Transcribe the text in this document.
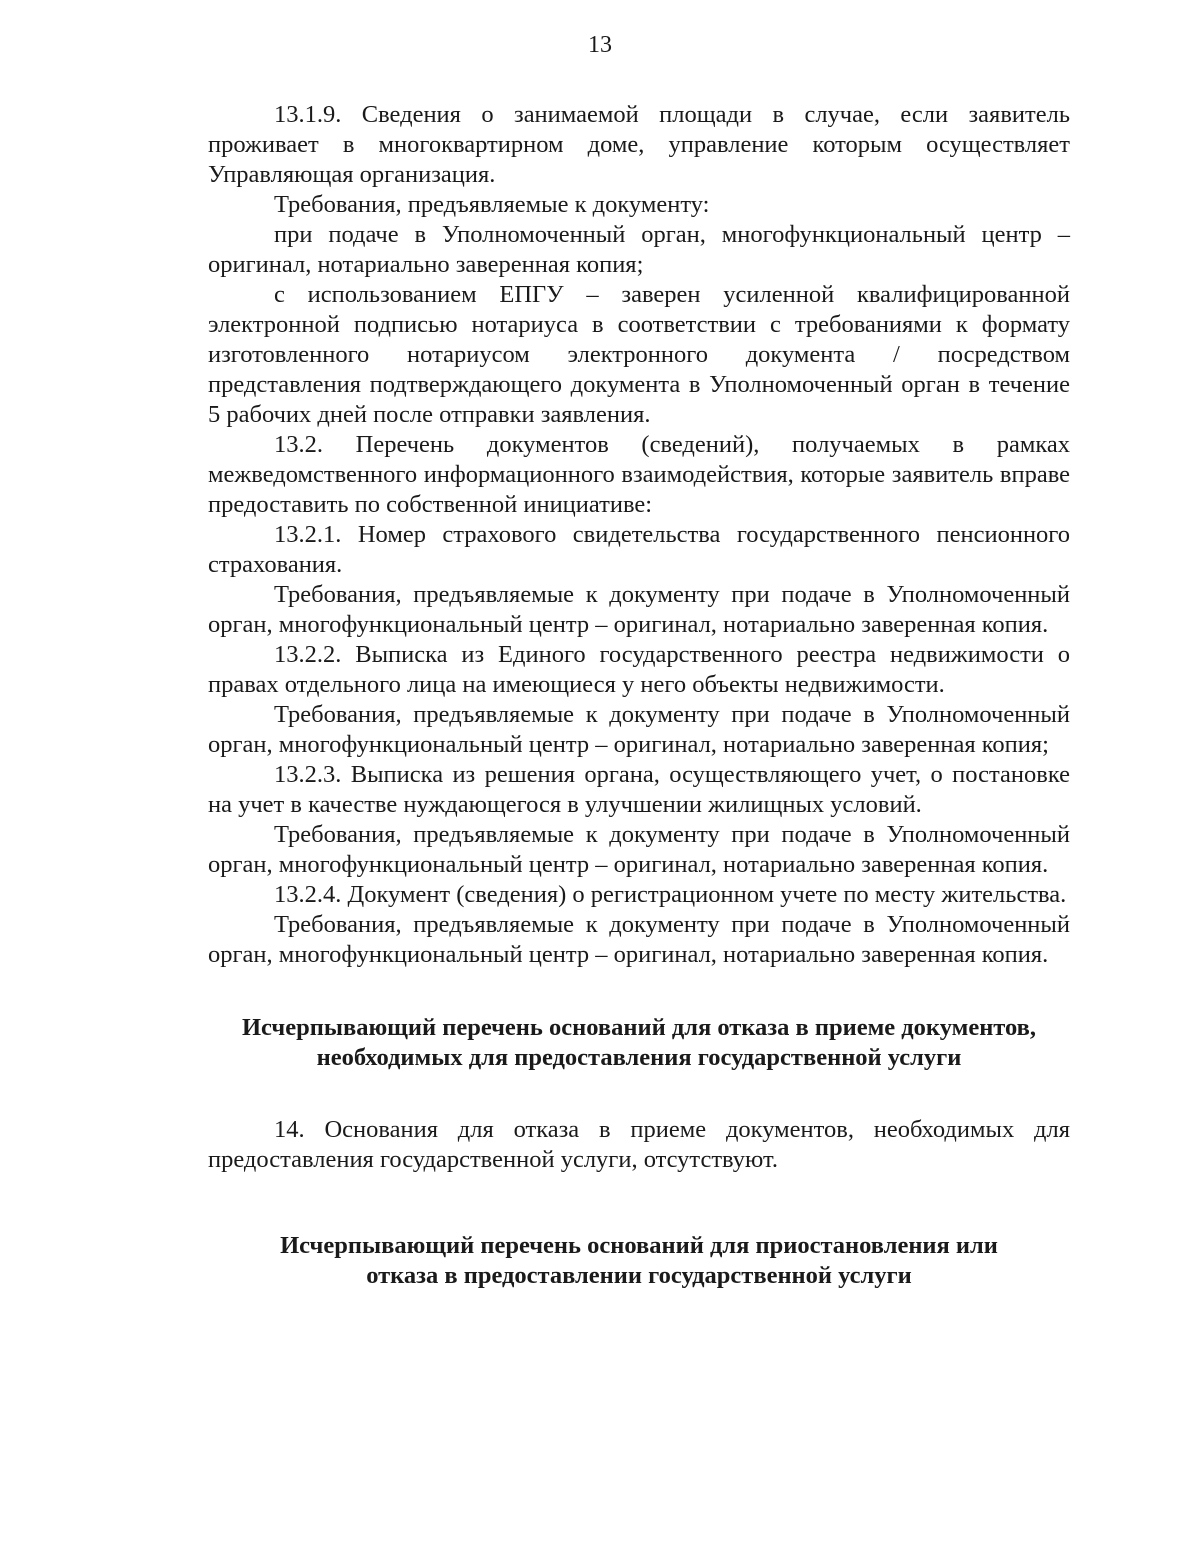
13

13.1.9. Сведения о занимаемой площади в случае, если заявитель проживает в многоквартирном доме, управление которым осуществляет Управляющая организация.

Требования, предъявляемые к документу:

при подаче в Уполномоченный орган, многофункциональный центр – оригинал, нотариально заверенная копия;

с использованием ЕПГУ – заверен усиленной квалифицированной электронной подписью нотариуса в соответствии с требованиями к формату изготовленного нотариусом электронного документа / посредством представления подтверждающего документа в Уполномоченный орган в течение 5 рабочих дней после отправки заявления.

13.2. Перечень документов (сведений), получаемых в рамках межведомственного информационного взаимодействия, которые заявитель вправе предоставить по собственной инициативе:

13.2.1. Номер страхового свидетельства государственного пенсионного страхования.

Требования, предъявляемые к документу при подаче в Уполномоченный орган, многофункциональный центр – оригинал, нотариально заверенная копия.

13.2.2. Выписка из Единого государственного реестра недвижимости о правах отдельного лица на имеющиеся у него объекты недвижимости.

Требования, предъявляемые к документу при подаче в Уполномоченный орган, многофункциональный центр – оригинал, нотариально заверенная копия;

13.2.3. Выписка из решения органа, осуществляющего учет, о постановке на учет в качестве нуждающегося в улучшении жилищных условий.

Требования, предъявляемые к документу при подаче в Уполномоченный орган, многофункциональный центр – оригинал, нотариально заверенная копия.

13.2.4. Документ (сведения) о регистрационном учете по месту жительства.

Требования, предъявляемые к документу при подаче в Уполномоченный орган, многофункциональный центр – оригинал, нотариально заверенная копия.

Исчерпывающий перечень оснований для отказа в приеме документов,
необходимых для предоставления государственной услуги

14. Основания для отказа в приеме документов, необходимых для предоставления государственной услуги, отсутствуют.

Исчерпывающий перечень оснований для приостановления или
отказа в предоставлении государственной услуги
